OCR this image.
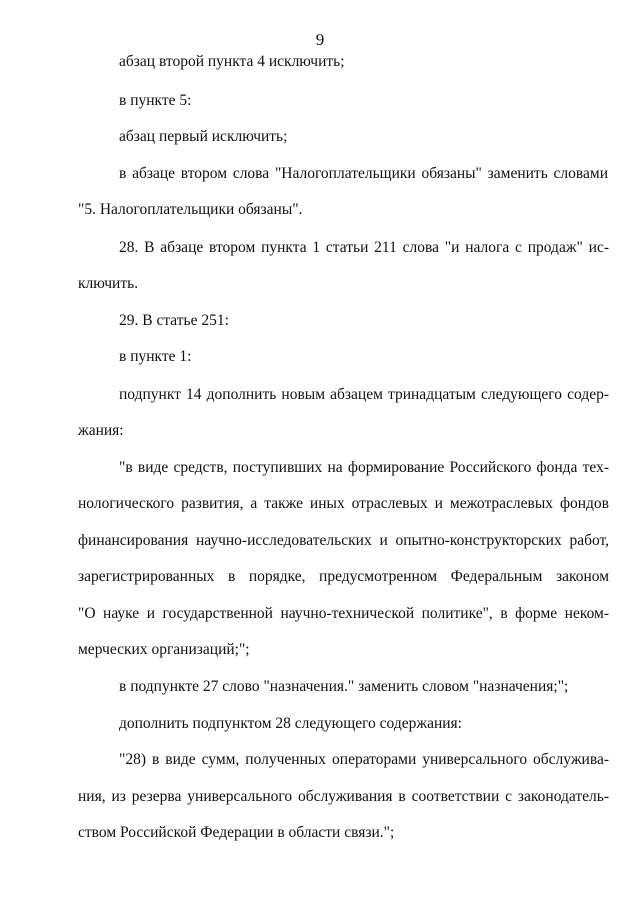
9
абзац второй пункта 4 исключить;
в пункте 5:
абзац первый исключить;
в абзаце втором слова "Налогоплательщики обязаны" заменить словами
"5. Налогоплательщики обязаны".
28. В абзаце втором пункта 1 статьи 211 слова "и налога с продаж" ис-
ключить.
29. В статье 251:
в пункте 1:
подпункт 14 дополнить новым абзацем тринадцатым следующего содер-
жания:
"в виде средств, поступивших на формирование Российского фонда тех-
нологического развития, а также иных отраслевых и межотраслевых фондов
финансирования научно-исследовательских и опытно-конструкторских работ,
зарегистрированных в порядке, предусмотренном Федеральным законом
"О науке и государственной научно-технической политике", в форме неком-
мерческих организаций;";
в подпункте 27 слово "назначения." заменить словом "назначения;";
дополнить подпунктом 28 следующего содержания:
"28) в виде сумм, полученных операторами универсального обслужива-
ния, из резерва универсального обслуживания в соответствии с законодатель-
ством Российской Федерации в области связи.";
